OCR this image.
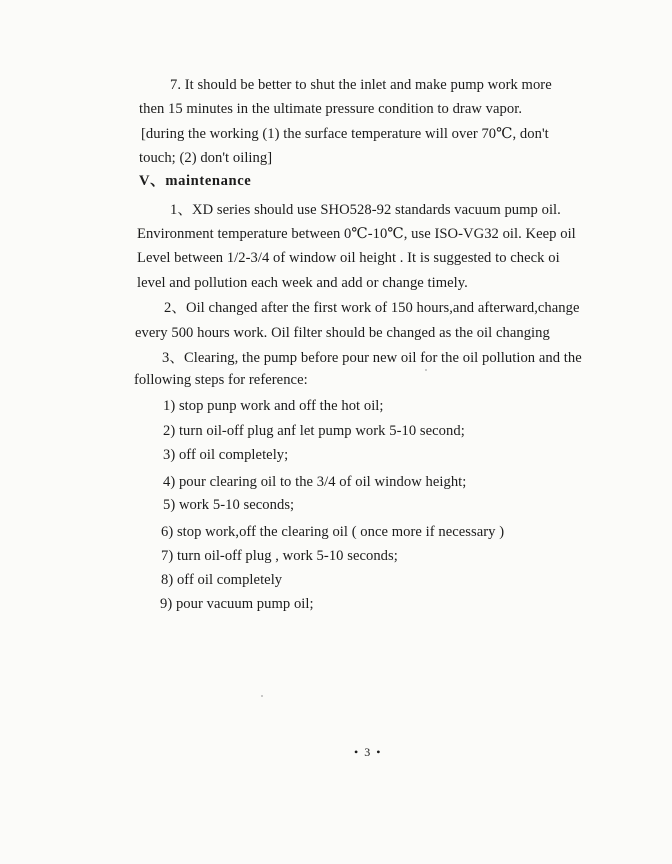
7. It should be better to shut the inlet and make pump work more
then 15 minutes in the ultimate pressure condition to draw vapor.
[during the working (1) the surface temperature will over 70℃, don't
touch; (2) don't oiling]
V、maintenance
1、XD series should use SHO528-92 standards vacuum pump oil.
Environment temperature between 0℃-10℃, use ISO-VG32 oil. Keep oil
Level between 1/2-3/4 of window oil height . It is suggested to check oi
level and pollution each week and add or change timely.
2、Oil changed after the first work of 150 hours,and afterward,change
every 500 hours work. Oil filter should be changed as the oil changing
3、Clearing, the pump before pour new oil for the oil pollution and the
following steps for reference:
1) stop punp work and off the hot oil;
2) turn oil-off plug anf let pump work 5-10 second;
3) off oil completely;
4) pour clearing oil to the 3/4 of oil window height;
5) work 5-10 seconds;
6) stop work,off the clearing oil ( once more if necessary )
7) turn oil-off plug , work 5-10 seconds;
8) off oil completely
9) pour vacuum pump oil;
• 3 •
